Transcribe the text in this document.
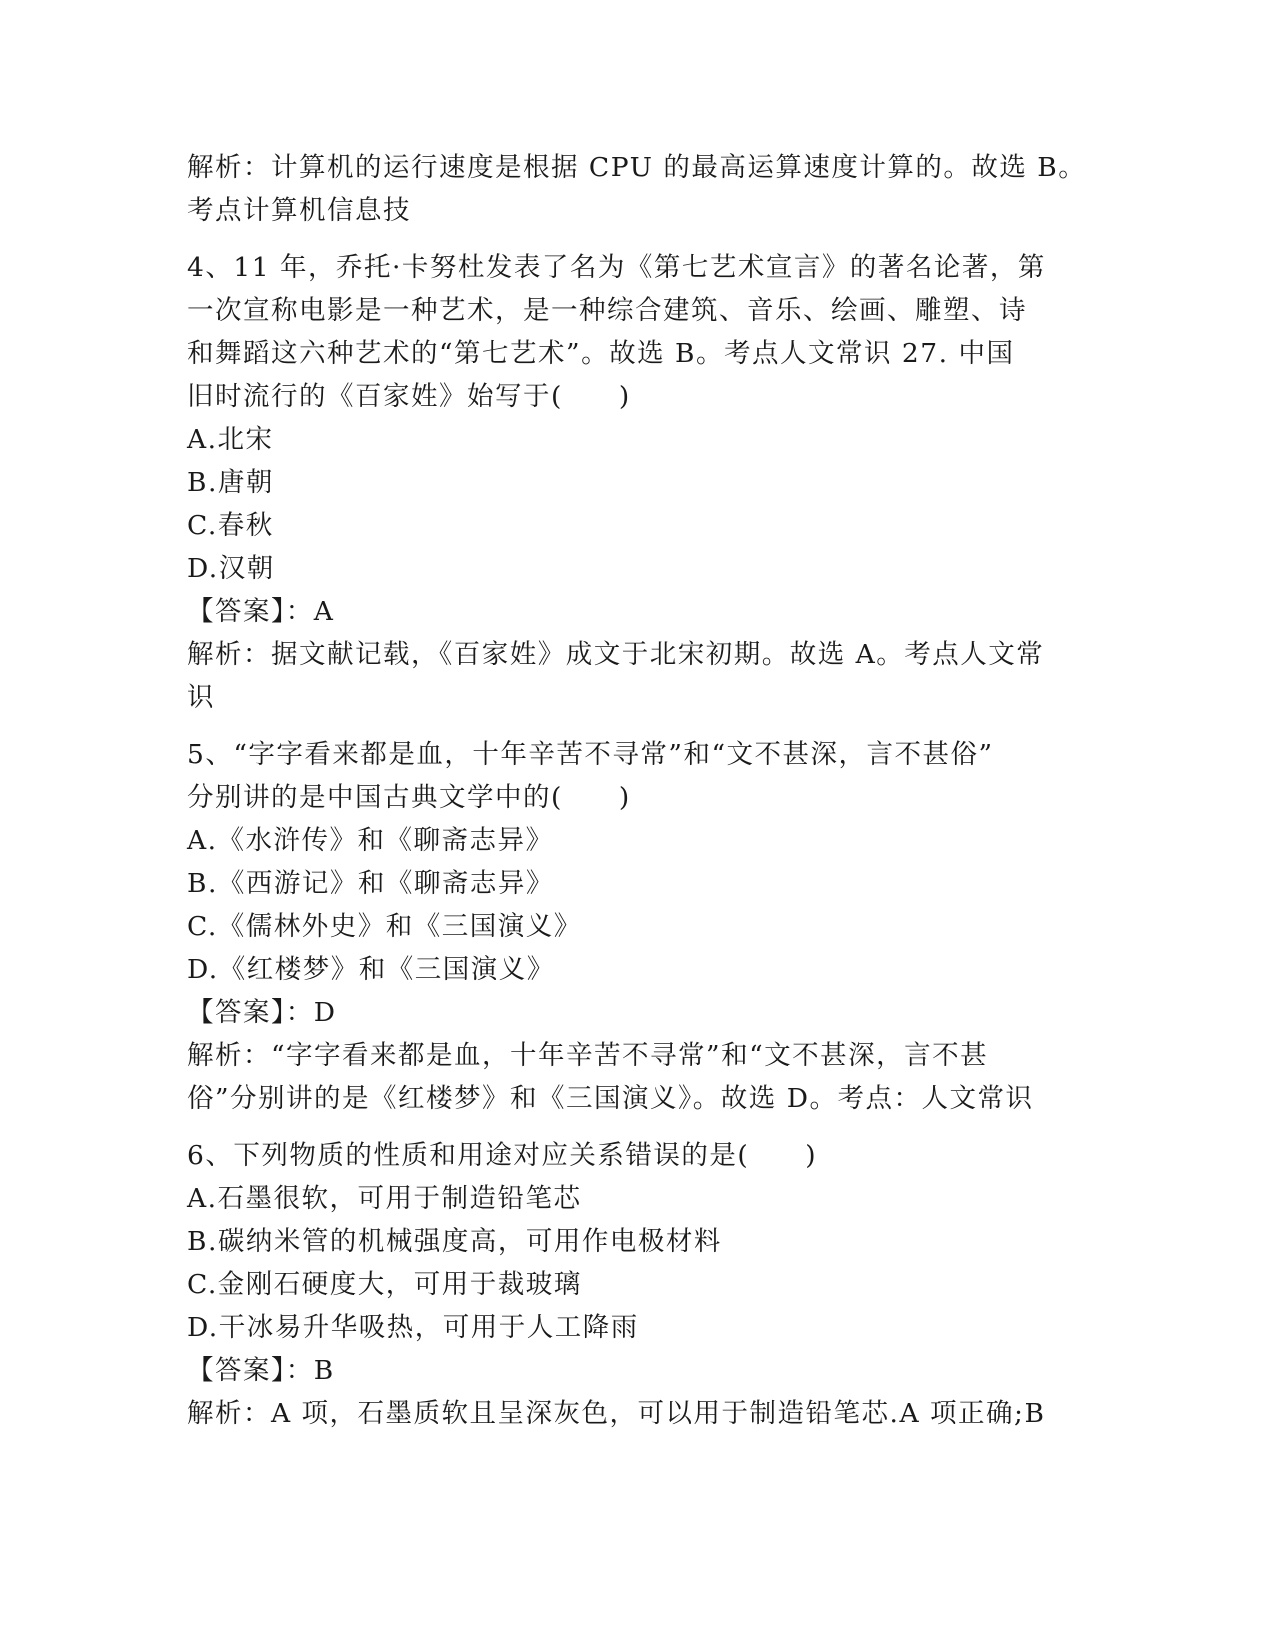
解析：计算机的运行速度是根据 CPU 的最高运算速度计算的。故选 B。
考点计算机信息技
4、11 年，乔托·卡努杜发表了名为《第七艺术宣言》的著名论著，第
一次宣称电影是一种艺术，是一种综合建筑、音乐、绘画、雕塑、诗
和舞蹈这六种艺术的“第七艺术”。故选 B。考点人文常识 27. 中国
旧时流行的《百家姓》始写于(　　)
A.北宋
B.唐朝
C.春秋
D.汉朝
【答案】：A
解析：据文献记载，《百家姓》成文于北宋初期。故选 A。考点人文常
识
5、“字字看来都是血，十年辛苦不寻常”和“文不甚深，言不甚俗”
分别讲的是中国古典文学中的(　　)
A.《水浒传》和《聊斋志异》
B.《西游记》和《聊斋志异》
C.《儒林外史》和《三国演义》
D.《红楼梦》和《三国演义》
【答案】：D
解析：“字字看来都是血，十年辛苦不寻常”和“文不甚深，言不甚
俗”分别讲的是《红楼梦》和《三国演义》。故选 D。考点：人文常识
6、下列物质的性质和用途对应关系错误的是(　　)
A.石墨很软，可用于制造铅笔芯
B.碳纳米管的机械强度高，可用作电极材料
C.金刚石硬度大，可用于裁玻璃
D.干冰易升华吸热，可用于人工降雨
【答案】：B
解析：A 项，石墨质软且呈深灰色，可以用于制造铅笔芯.A 项正确;B
